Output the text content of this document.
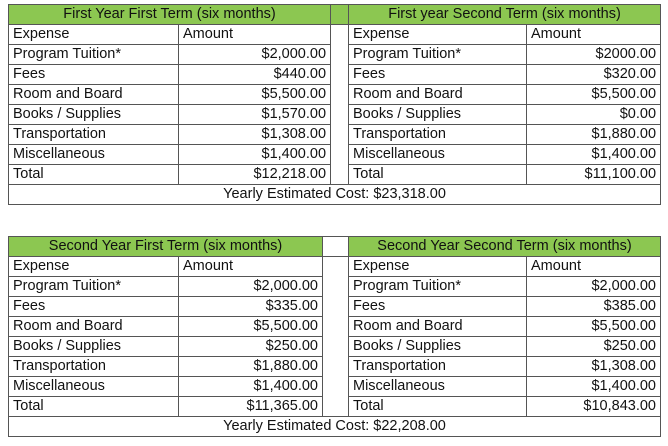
First Year First Term (six months)			First year Second Term (six months)	
Expense	Amount		Expense	Amount
Program Tuition*	$2,000.00		Program Tuition*	$2000.00
Fees	$440.00		Fees	$320.00
Room and Board	$5,500.00		Room and Board	$5,500.00
Books / Supplies	$1,570.00		Books / Supplies	$0.00
Transportation	$1,308.00		Transportation	$1,880.00
Miscellaneous	$1,400.00		Miscellaneous	$1,400.00
Total	$12,218.00		Total	$11,100.00
Yearly Estimated Cost: $23,318.00				
Second Year First Term (six months)			Second Year Second Term (six months)	
Expense	Amount		Expense	Amount
Program Tuition*	$2,000.00		Program Tuition*	$2,000.00
Fees	$335.00		Fees	$385.00
Room and Board	$5,500.00		Room and Board	$5,500.00
Books / Supplies	$250.00		Books / Supplies	$250.00
Transportation	$1,880.00		Transportation	$1,308.00
Miscellaneous	$1,400.00		Miscellaneous	$1,400.00
Total	$11,365.00		Total	$10,843.00
Yearly Estimated Cost: $22,208.00				
